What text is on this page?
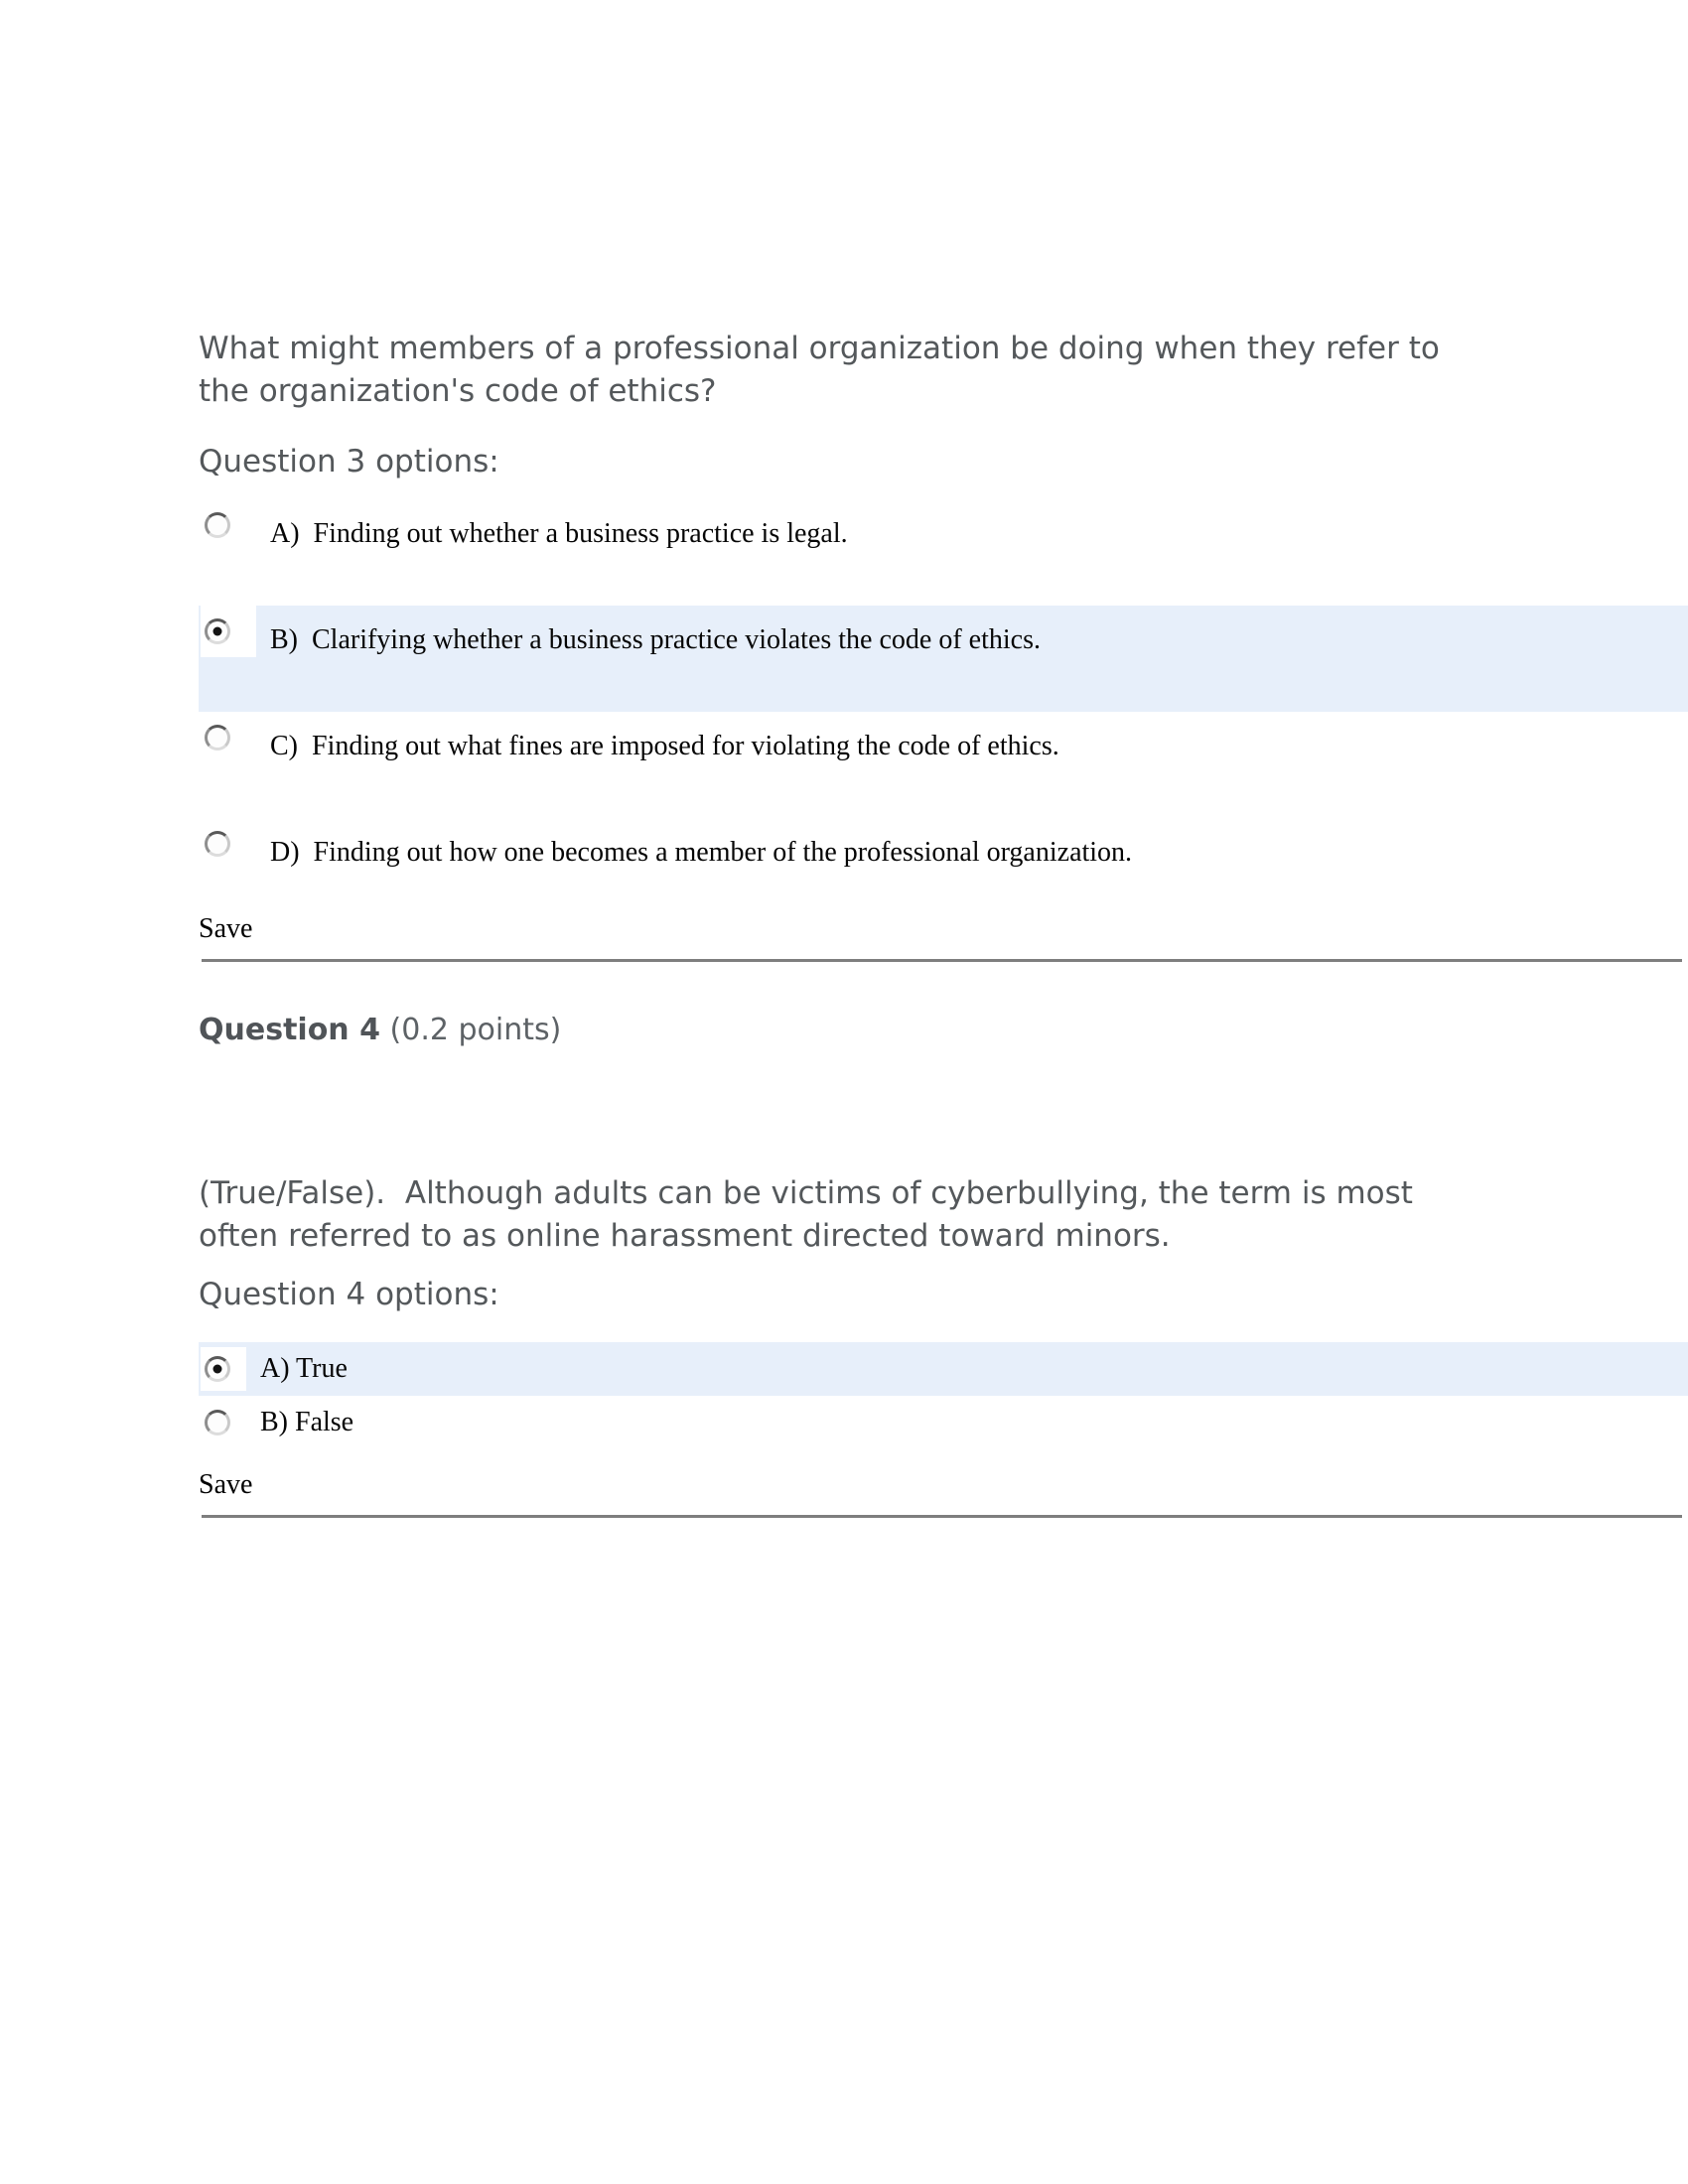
What might members of a professional organization be doing when they refer to the organization's code of ethics?
Question 3 options:
A)  Finding out whether a business practice is legal.
B)  Clarifying whether a business practice violates the code of ethics.
C)  Finding out what fines are imposed for violating the code of ethics.
D)  Finding out how one becomes a member of the professional organization.
Save
Question 4 (0.2 points)
(True/False).  Although adults can be victims of cyberbullying, the term is most often referred to as online harassment directed toward minors.
Question 4 options:
A) True
B) False
Save
